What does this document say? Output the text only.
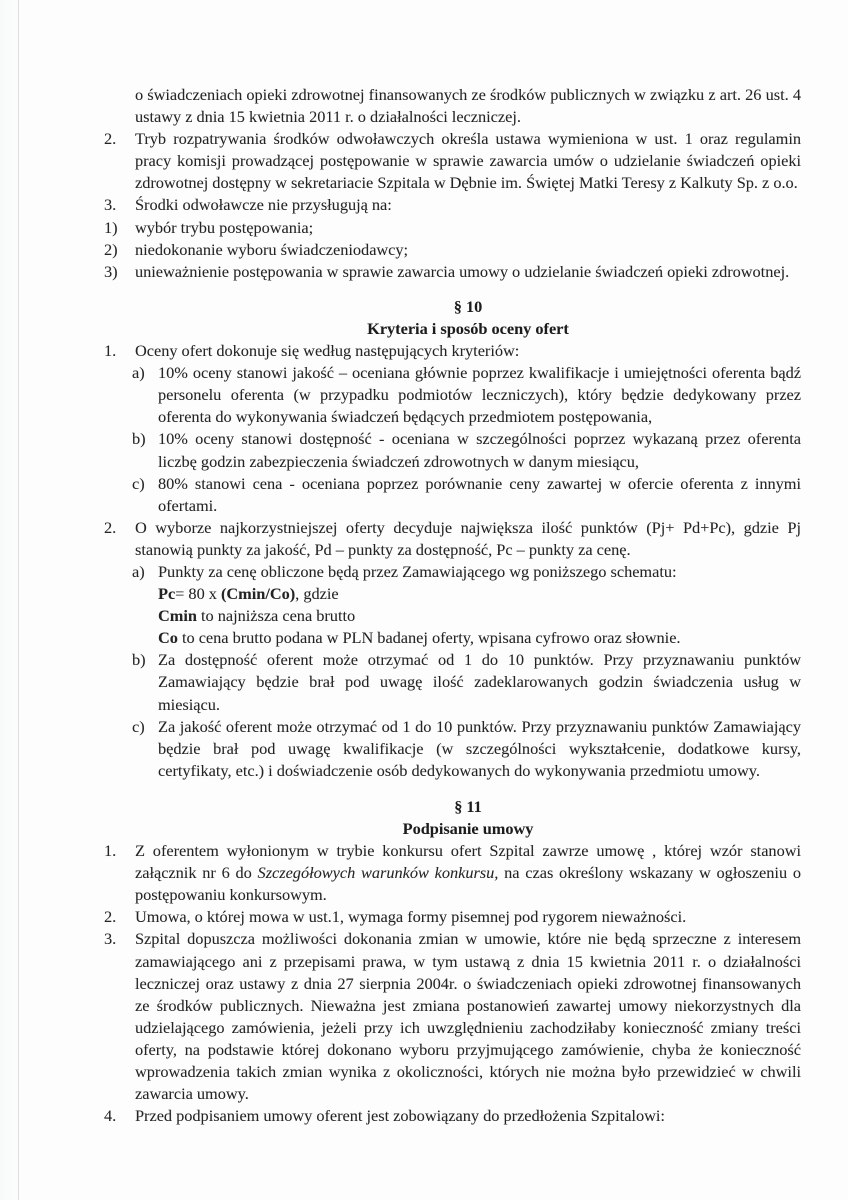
o świadczeniach opieki zdrowotnej finansowanych ze środków publicznych w związku z art. 26 ust. 4 ustawy z dnia 15 kwietnia 2011 r. o działalności leczniczej.

2. Tryb rozpatrywania środków odwoławczych określa ustawa wymieniona w ust. 1 oraz regulamin pracy komisji prowadzącej postępowanie w sprawie zawarcia umów o udzielanie świadczeń opieki zdrowotnej dostępny w sekretariacie Szpitala w Dębnie im. Świętej Matki Teresy z Kalkuty Sp. z o.o.
3. Środki odwoławcze nie przysługują na:
1) wybór trybu postępowania;
2) niedokonanie wyboru świadczeniodawcy;
3) unieważnienie postępowania w sprawie zawarcia umowy o udzielanie świadczeń opieki zdrowotnej.
§ 10
Kryteria i sposób oceny ofert
1. Oceny ofert dokonuje się według następujących kryteriów:
a) 10% oceny stanowi jakość – oceniana głównie poprzez kwalifikacje i umiejętności oferenta bądź personelu oferenta (w przypadku podmiotów leczniczych), który będzie dedykowany przez oferenta do wykonywania świadczeń będących przedmiotem postępowania,
b) 10% oceny stanowi dostępność - oceniana w szczególności poprzez wykazaną przez oferenta liczbę godzin zabezpieczenia świadczeń zdrowotnych w danym miesiącu,
c) 80% stanowi cena - oceniana poprzez porównanie ceny zawartej w ofercie oferenta z innymi ofertami.
2. O wyborze najkorzystniejszej oferty decyduje największa ilość punktów (Pj+ Pd+Pc), gdzie Pj stanowią punkty za jakość, Pd – punkty za dostępność, Pc – punkty za cenę.
a) Punkty za cenę obliczone będą przez Zamawiającego wg poniższego schematu:
Pc= 80 x (Cmin/Co), gdzie
Cmin to najniższa cena brutto
Co to cena brutto podana w PLN badanej oferty, wpisana cyfrowo oraz słownie.
b) Za dostępność oferent może otrzymać od 1 do 10 punktów. Przy przyznawaniu punktów Zamawiający będzie brał pod uwagę ilość zadeklarowanych godzin świadczenia usług w miesiącu.
c) Za jakość oferent może otrzymać od 1 do 10 punktów. Przy przyznawaniu punktów Zamawiający będzie brał pod uwagę kwalifikacje (w szczególności wykształcenie, dodatkowe kursy, certyfikaty, etc.) i doświadczenie osób dedykowanych do wykonywania przedmiotu umowy.
§ 11
Podpisanie umowy
1. Z oferentem wyłonionym w trybie konkursu ofert Szpital zawrze umowę , której wzór stanowi załącznik nr 6 do Szczegółowych warunków konkursu, na czas określony wskazany w ogłoszeniu o postępowaniu konkursowym.
2. Umowa, o której mowa w ust.1, wymaga formy pisemnej pod rygorem nieważności.
3. Szpital dopuszcza możliwości dokonania zmian w umowie, które nie będą sprzeczne z interesem zamawiającego ani z przepisami prawa, w tym ustawą z dnia 15 kwietnia 2011 r. o działalności leczniczej oraz ustawy z dnia 27 sierpnia 2004r. o świadczeniach opieki zdrowotnej finansowanych ze środków publicznych. Nieważna jest zmiana postanowień zawartej umowy niekorzystnych dla udzielającego zamówienia, jeżeli przy ich uwzględnieniu zachodziłaby konieczność zmiany treści oferty, na podstawie której dokonano wyboru przyjmującego zamówienie, chyba że konieczność wprowadzenia takich zmian wynika z okoliczności, których nie można było przewidzieć w chwili zawarcia umowy.
4. Przed podpisaniem umowy oferent jest zobowiązany do przedłożenia Szpitalowi:
